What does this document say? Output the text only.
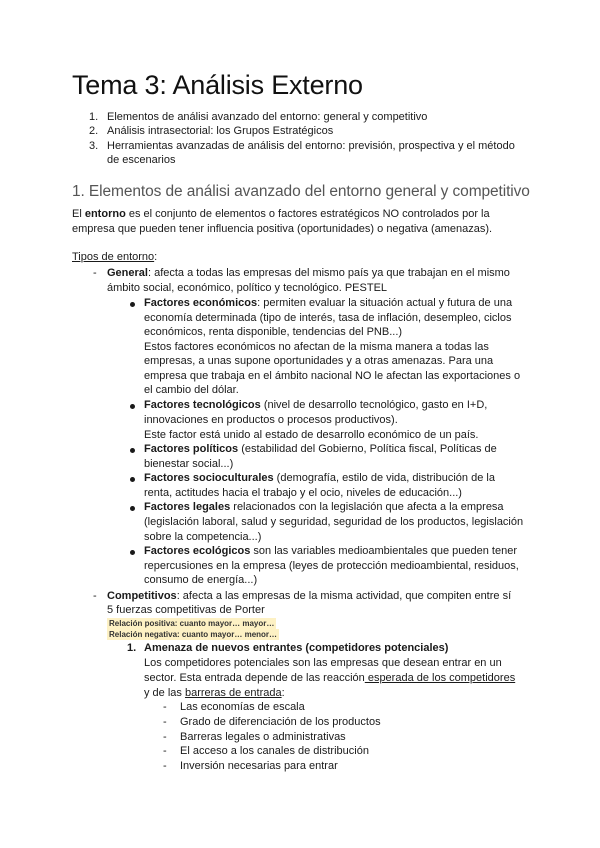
Tema 3: Análisis Externo
1. Elementos de análisi avanzado del entorno: general y competitivo
2. Análisis intrasectorial: los Grupos Estratégicos
3. Herramientas avanzadas de análisis del entorno: previsión, prospectiva y el método
de escenarios
1. Elementos de análisi avanzado del entorno general y competitivo
El entorno es el conjunto de elementos o factores estratégicos NO controlados por la
empresa que pueden tener influencia positiva (oportunidades) o negativa (amenazas).
Tipos de entorno:
- General: afecta a todas las empresas del mismo país ya que trabajan en el mismo
ámbito social, económico, político y tecnológico. PESTEL
Factores económicos: permiten evaluar la situación actual y futura de una
economía determinada (tipo de interés, tasa de inflación, desempleo, ciclos
económicos, renta disponible, tendencias del PNB...)
Estos factores económicos no afectan de la misma manera a todas las
empresas, a unas supone oportunidades y a otras amenazas. Para una
empresa que trabaja en el ámbito nacional NO le afectan las exportaciones o
el cambio del dólar.
Factores tecnológicos (nivel de desarrollo tecnológico, gasto en I+D,
innovaciones en productos o procesos productivos).
Este factor está unido al estado de desarrollo económico de un país.
Factores políticos (estabilidad del Gobierno, Política fiscal, Políticas de
bienestar social...)
Factores socioculturales (demografía, estilo de vida, distribución de la
renta, actitudes hacia el trabajo y el ocio, niveles de educación...)
Factores legales relacionados con la legislación que afecta a la empresa
(legislación laboral, salud y seguridad, seguridad de los productos, legislación
sobre la competencia...)
Factores ecológicos son las variables medioambientales que pueden tener
repercusiones en la empresa (leyes de protección medioambiental, residuos,
consumo de energía...)
- Competitivos: afecta a las empresas de la misma actividad, que compiten entre sí
5 fuerzas competitivas de Porter
Relación positiva: cuanto mayor… mayor…
Relación negativa: cuanto mayor… menor…
1. Amenaza de nuevos entrantes (competidores potenciales)
Los competidores potenciales son las empresas que desean entrar en un
sector. Esta entrada depende de las reacción esperada de los competidores
y de las barreras de entrada:
- Las economías de escala
- Grado de diferenciación de los productos
- Barreras legales o administrativas
- El acceso a los canales de distribución
- Inversión necesarias para entrar
